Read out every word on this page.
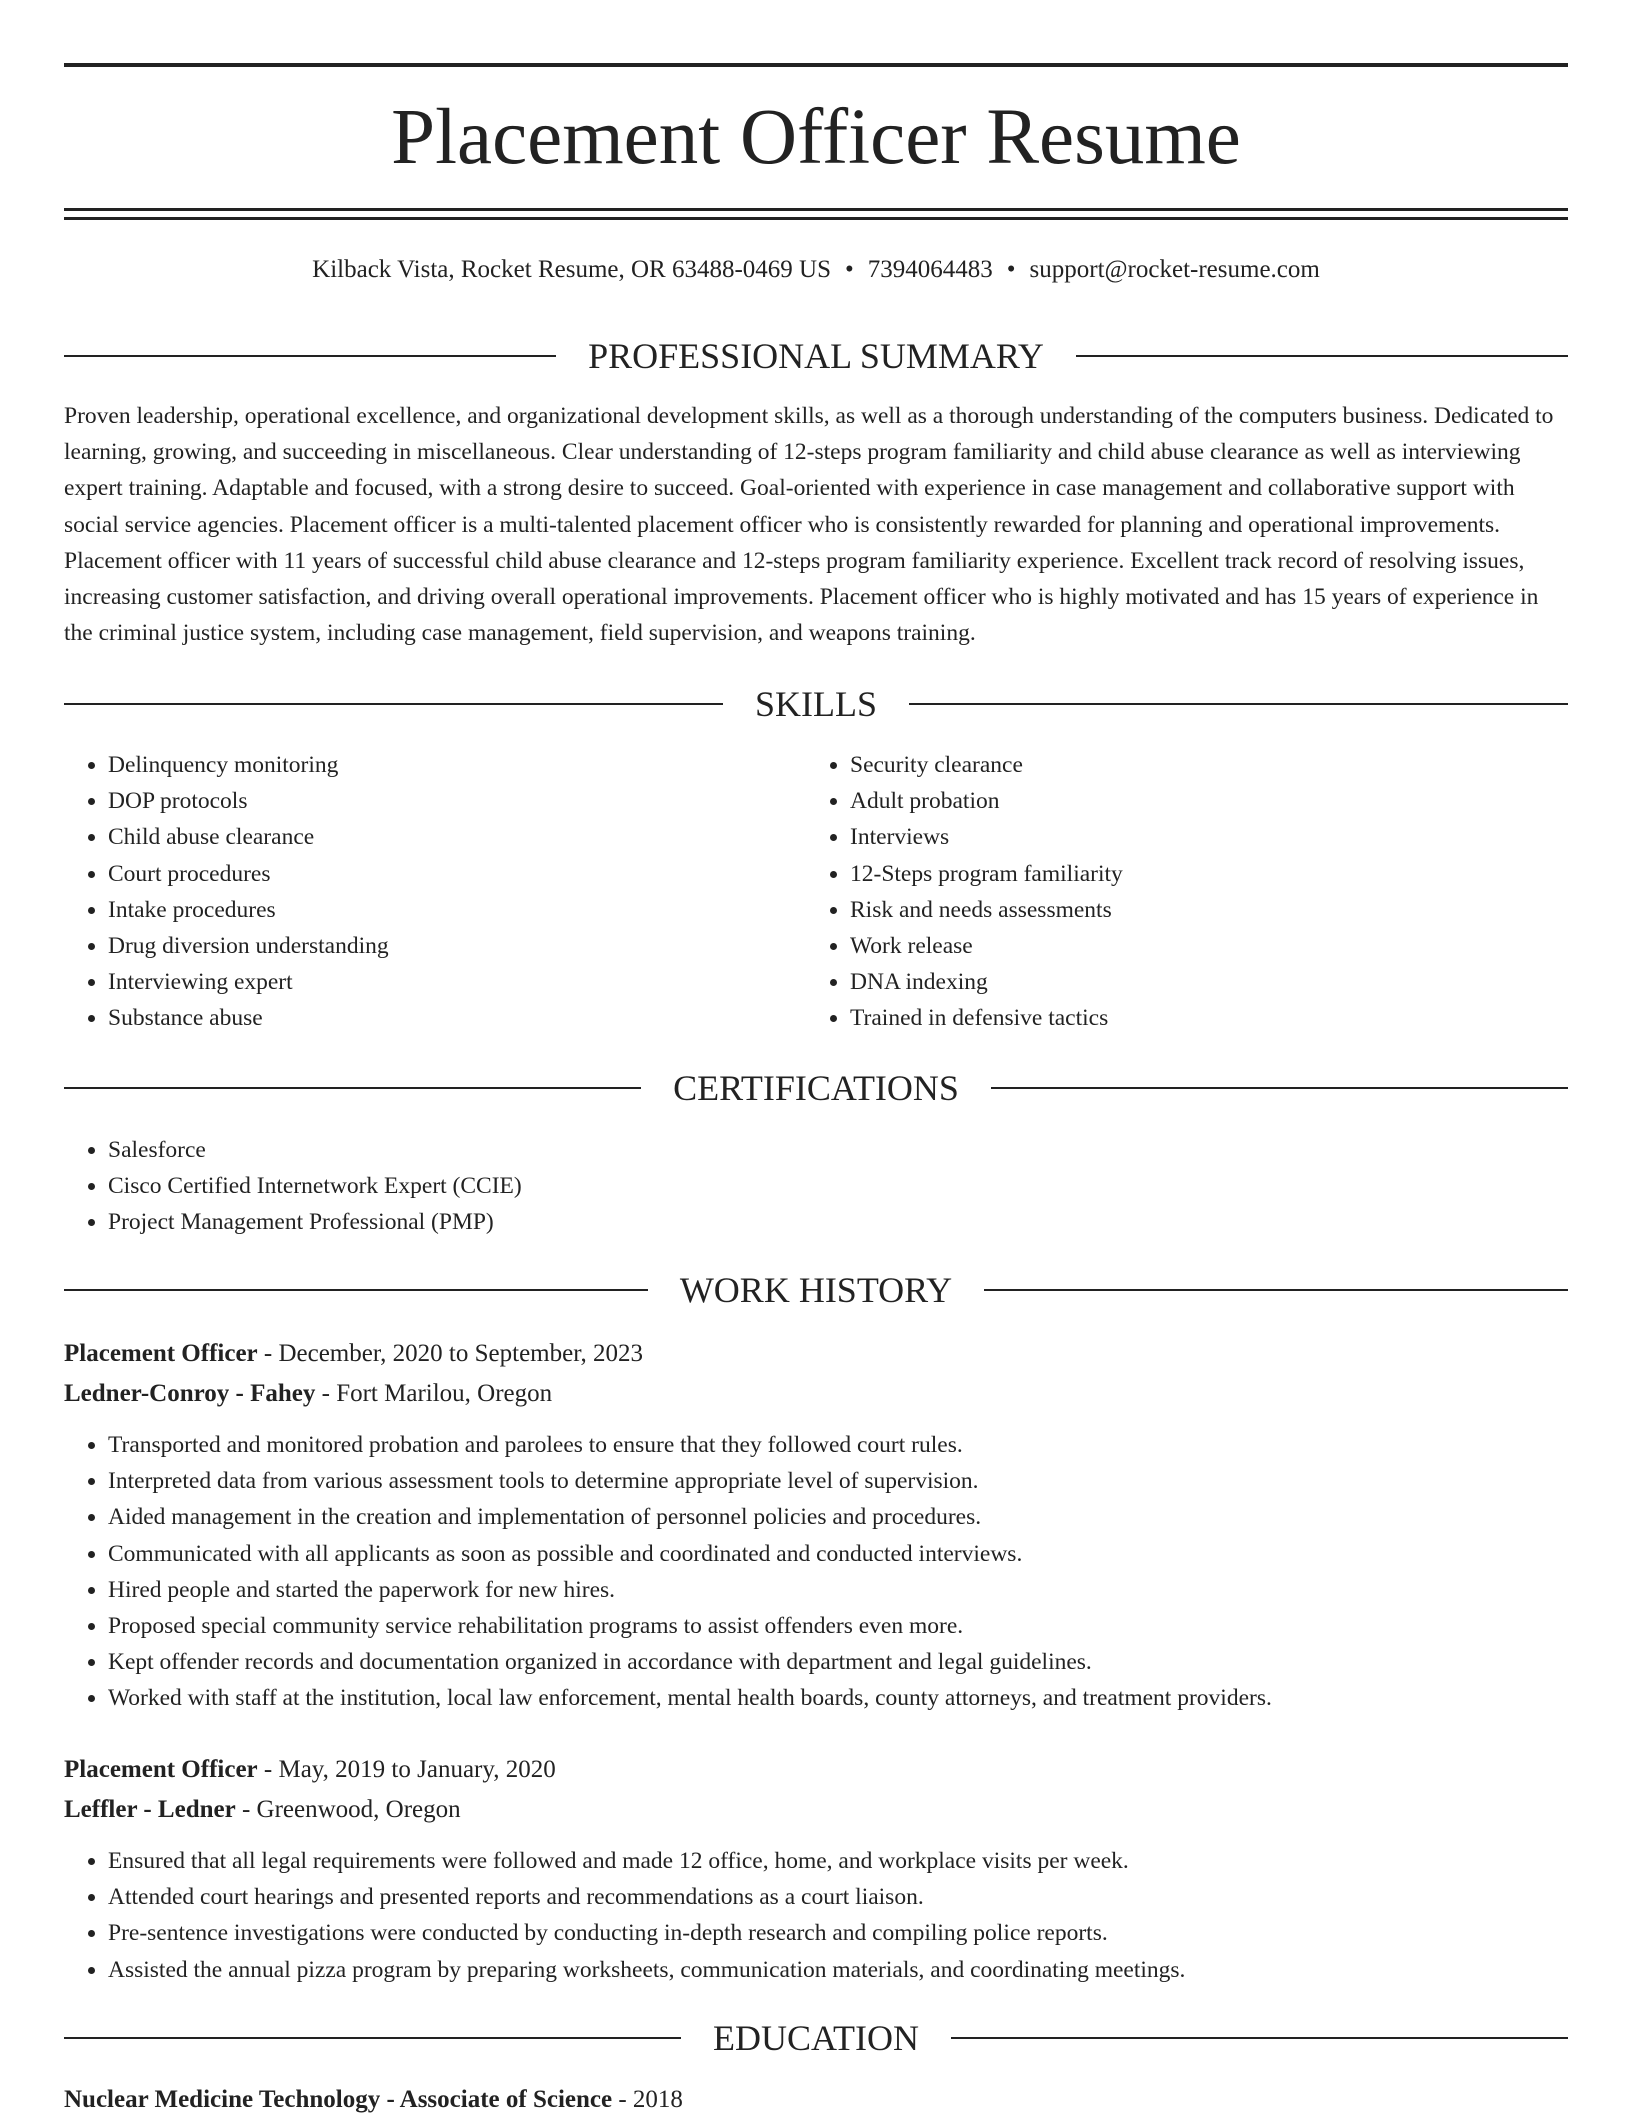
Placement Officer Resume
Kilback Vista, Rocket Resume, OR 63488-0469 US • 7394064483 • support@rocket-resume.com
PROFESSIONAL SUMMARY

Proven leadership, operational excellence, and organizational development skills, as well as a thorough understanding of the computers business. Dedicated to learning, growing, and succeeding in miscellaneous. Clear understanding of 12-steps program familiarity and child abuse clearance as well as interviewing expert training. Adaptable and focused, with a strong desire to succeed. Goal-oriented with experience in case management and collaborative support with social service agencies. Placement officer is a multi-talented placement officer who is consistently rewarded for planning and operational improvements. Placement officer with 11 years of successful child abuse clearance and 12-steps program familiarity experience. Excellent track record of resolving issues, increasing customer satisfaction, and driving overall operational improvements. Placement officer who is highly motivated and has 15 years of experience in the criminal justice system, including case management, field supervision, and weapons training.

SKILLS
• Delinquency monitoring
• DOP protocols
• Child abuse clearance
• Court procedures
• Intake procedures
• Drug diversion understanding
• Interviewing expert
• Substance abuse
• Security clearance
• Adult probation
• Interviews
• 12-Steps program familiarity
• Risk and needs assessments
• Work release
• DNA indexing
• Trained in defensive tactics
CERTIFICATIONS
• Salesforce
• Cisco Certified Internetwork Expert (CCIE)
• Project Management Professional (PMP)
WORK HISTORY
Placement Officer - December, 2020 to September, 2023
Ledner-Conroy - Fahey - Fort Marilou, Oregon
• Transported and monitored probation and parolees to ensure that they followed court rules.
• Interpreted data from various assessment tools to determine appropriate level of supervision.
• Aided management in the creation and implementation of personnel policies and procedures.
• Communicated with all applicants as soon as possible and coordinated and conducted interviews.
• Hired people and started the paperwork for new hires.
• Proposed special community service rehabilitation programs to assist offenders even more.
• Kept offender records and documentation organized in accordance with department and legal guidelines.
• Worked with staff at the institution, local law enforcement, mental health boards, county attorneys, and treatment providers.
Placement Officer - May, 2019 to January, 2020
Leffler - Ledner - Greenwood, Oregon
• Ensured that all legal requirements were followed and made 12 office, home, and workplace visits per week.
• Attended court hearings and presented reports and recommendations as a court liaison.
• Pre-sentence investigations were conducted by conducting in-depth research and compiling police reports.
• Assisted the annual pizza program by preparing worksheets, communication materials, and coordinating meetings.
EDUCATION
Nuclear Medicine Technology - Associate of Science - 2018
